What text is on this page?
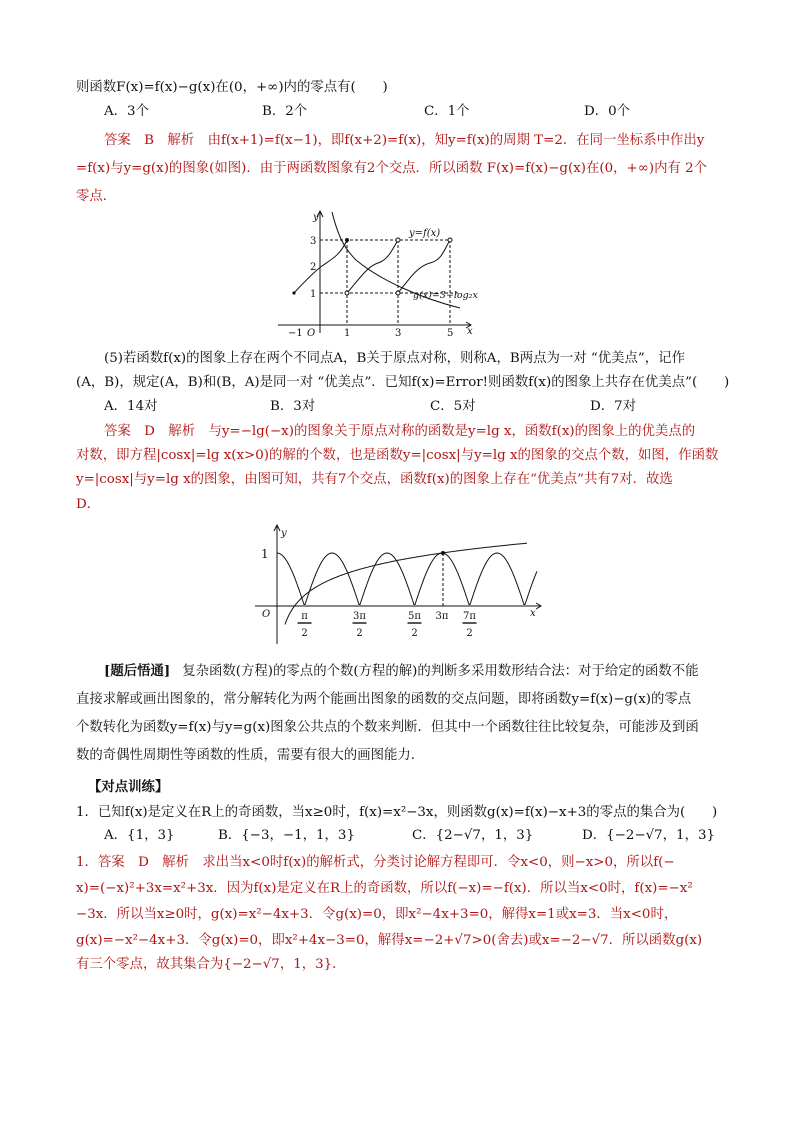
则函数F(x)=f(x)−g(x)在(0，+∞)内的零点有(　　)
A．3个	B．2个	C．1个	D．0个
答案　B　解析　由f(x+1)=f(x−1)，即f(x+2)=f(x)，知y=f(x)的周期 T=2．在同一坐标系中作出y
=f(x)与y=g(x)的图象(如图)．由于两函数图象有2个交点．所以函数 F(x)=f(x)−g(x)在(0，+∞)内有 2个
零点．
y
x
O
y=f(x)
g(x)=3−log₂x
3
2
1
−1	1	3	5
(5)若函数f(x)的图象上存在两个不同点A，B关于原点对称，则称A，B两点为一对 “优美点”，记作
(A，B)，规定(A，B)和(B，A)是同一对 “优美点”．已知f(x)=Error!则函数f(x)的图象上共存在优美点”(　　)
A．14对	B．3对	C．5对	D．7对
答案　D　解析　与y=−lg(−x)的图象关于原点对称的函数是y=lg x，函数f(x)的图象上的优美点的
对数，即方程|cosx|=lg x(x>0)的解的个数，也是函数y=|cosx|与y=lg x的图象的交点个数，如图，作函数
y=|cosx|与y=lg x的图象，由图可知，共有7个交点，函数f(x)的图象上存在“优美点”共有7对．故选
D．
y
x
O
1
π
2
3π
2
5π
2
3π 7π
2
[题后悟通] 复杂函数(方程)的零点的个数(方程的解)的判断多采用数形结合法：对于给定的函数不能
直接求解或画出图象的，常分解转化为两个能画出图象的函数的交点问题，即将函数y=f(x)−g(x)的零点
个数转化为函数y=f(x)与y=g(x)图象公共点的个数来判断．但其中一个函数往往比较复杂，可能涉及到函
数的奇偶性周期性等函数的性质，需要有很大的画图能力．
【对点训练】
1．已知f(x)是定义在R上的奇函数，当x≥0时，f(x)=x²−3x，则函数g(x)=f(x)−x+3的零点的集合为(　　)
A．{1，3}	B．{−3，−1，1，3}	C．{2−√7，1，3}	D．{−2−√7，1，3}
1．答案　D　解析　求出当x<0时f(x)的解析式，分类讨论解方程即可．令x<0，则−x>0，所以f(−
x)=(−x)²+3x=x²+3x．因为f(x)是定义在R上的奇函数，所以f(−x)=−f(x)．所以当x<0时，f(x)=−x²
−3x．所以当x≥0时，g(x)=x²−4x+3．令g(x)=0，即x²−4x+3=0，解得x=1或x=3．当x<0时，
g(x)=−x²−4x+3．令g(x)=0，即x²+4x−3=0，解得x=−2+√7>0(舍去)或x=−2−√7．所以函数g(x)
有三个零点，故其集合为{−2−√7，1，3}．
